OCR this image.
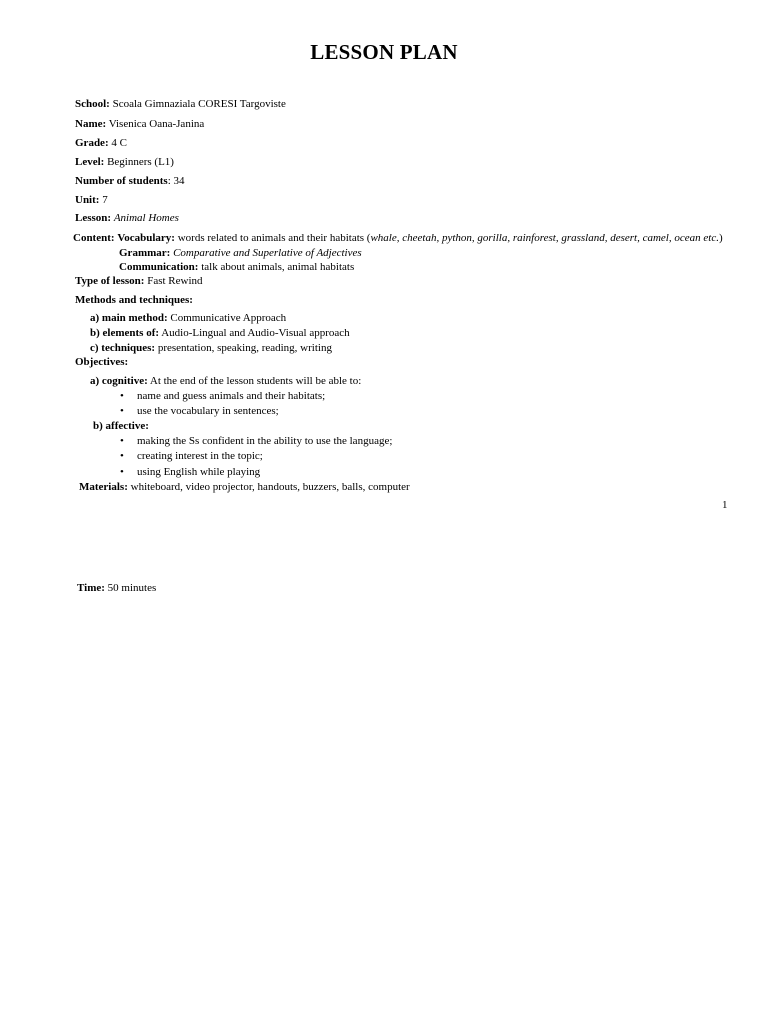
LESSON PLAN
School: Scoala Gimnaziala CORESI Targoviste
Name: Visenica Oana-Janina
Grade: 4 C
Level: Beginners (L1)
Number of students: 34
Unit: 7
Lesson: Animal Homes
Content: Vocabulary: words related to animals and their habitats (whale, cheetah, python, gorilla, rainforest, grassland, desert, camel, ocean etc.)
Grammar: Comparative and Superlative of Adjectives
Communication: talk about animals, animal habitats
Type of lesson: Fast Rewind
Methods and techniques:
a) main method: Communicative Approach
b) elements of: Audio-Lingual and Audio-Visual approach
c) techniques: presentation, speaking, reading, writing
Objectives:
a) cognitive: At the end of the lesson students will be able to:
• name and guess animals and their habitats;
• use the vocabulary in sentences;
b) affective:
• making the Ss confident in the ability to use the language;
• creating interest in the topic;
• using English while playing
Materials: whiteboard, video projector, handouts, buzzers, balls, computer
1
Time: 50 minutes
